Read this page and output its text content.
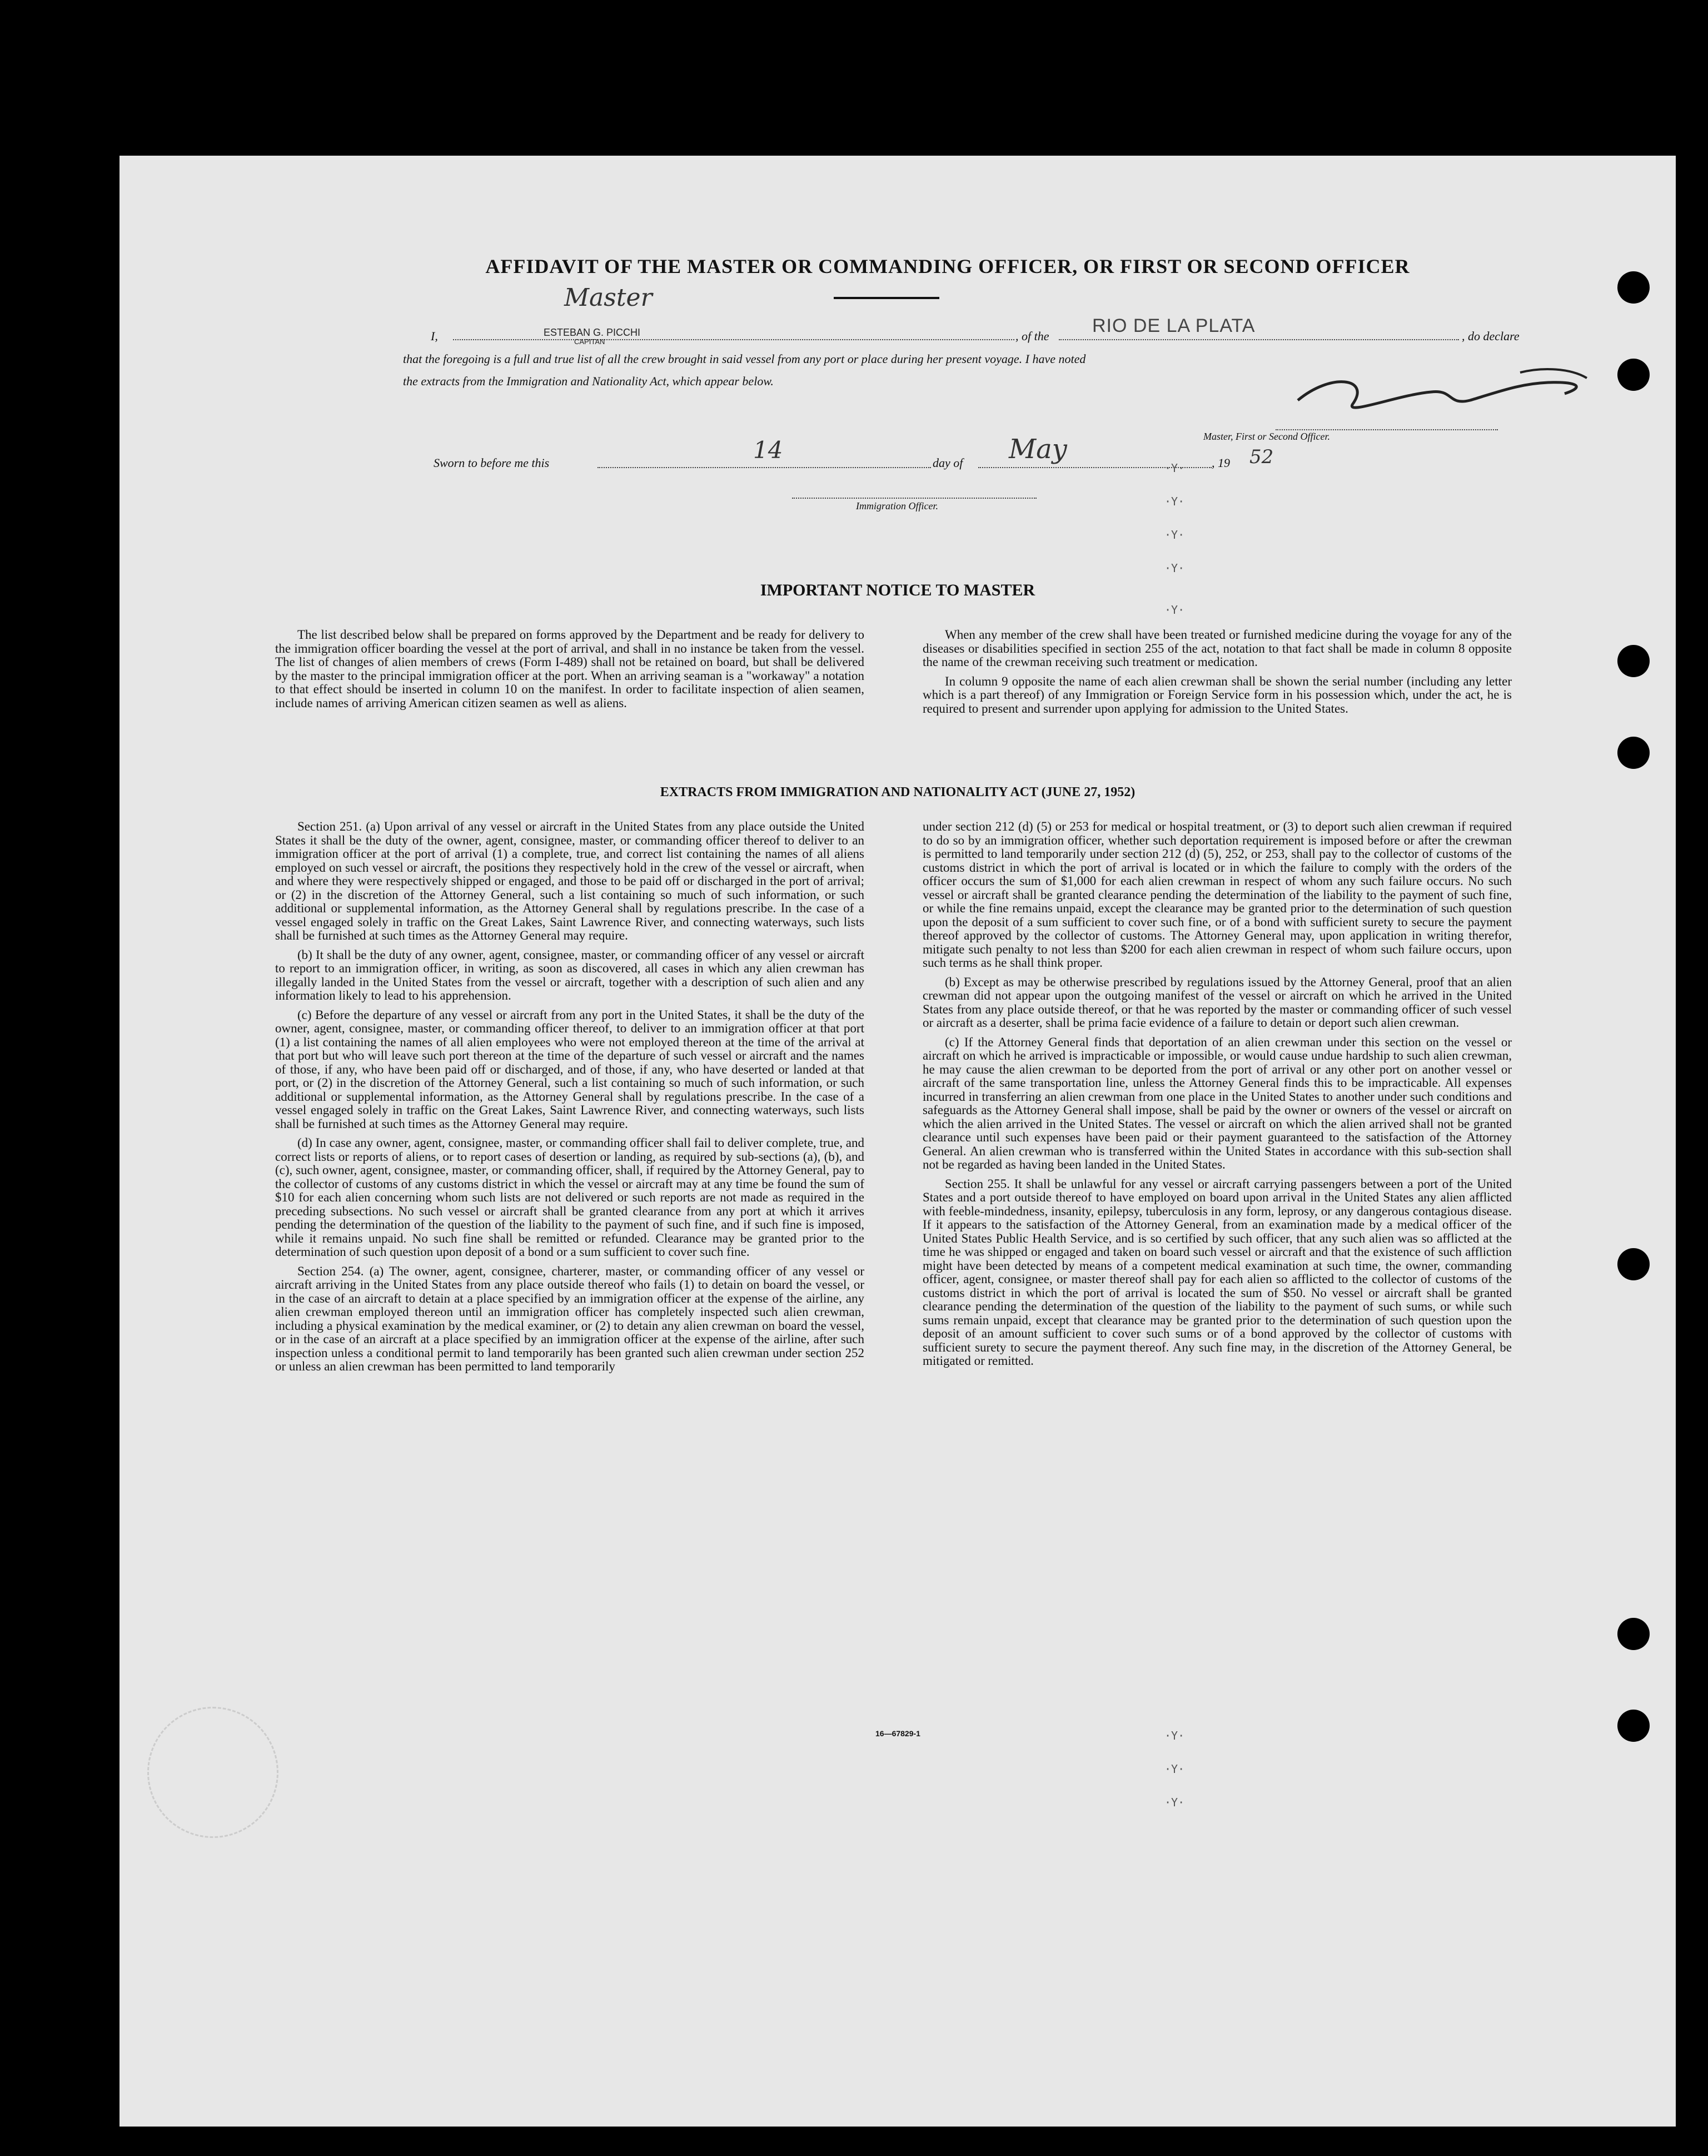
AFFIDAVIT OF THE MASTER OR COMMANDING OFFICER, OR FIRST OR SECOND OFFICER
I,
Master
ESTEBAN G. PICCHI
CAPITAN	, of the RIO DE LA PLATA	, do declare
that the foregoing is a full and true list of all the crew brought in said vessel from any port or place during her present voyage. I have noted
the extracts from the Immigration and Nationality Act, which appear below.
Master, First or Second Officer.
Sworn to before me this	14	day of May	, 19 52
Immigration Officer.
IMPORTANT NOTICE TO MASTER

The list described below shall be prepared on forms approved by the Department and be ready for delivery to the immigration officer boarding the vessel at the port of arrival, and shall in no instance be taken from the vessel. The list of changes of alien members of crews (Form I-489) shall not be retained on board, but shall be delivered by the master to the principal immigration officer at the port. When an arriving seaman is a "workaway" a notation to that effect should be inserted in column 10 on the manifest. In order to facilitate inspection of alien seamen, include names of arriving American citizen seamen as well as aliens.

When any member of the crew shall have been treated or furnished medicine during the voyage for any of the diseases or disabilities specified in section 255 of the act, notation to that fact shall be made in column 8 opposite the name of the crewman receiving such treatment or medication.

In column 9 opposite the name of each alien crewman shall be shown the serial number (including any letter which is a part thereof) of any Immigration or Foreign Service form in his possession which, under the act, he is required to present and surrender upon applying for admission to the United States.

EXTRACTS FROM IMMIGRATION AND NATIONALITY ACT (JUNE 27, 1952)

Section 251. (a) Upon arrival of any vessel or aircraft in the United States from any place outside the United States it shall be the duty of the owner, agent, consignee, master, or commanding officer thereof to deliver to an immigration officer at the port of arrival (1) a complete, true, and correct list containing the names of all aliens employed on such vessel or aircraft, the positions they respectively hold in the crew of the vessel or aircraft, when and where they were respectively shipped or engaged, and those to be paid off or discharged in the port of arrival; or (2) in the discretion of the Attorney General, such a list containing so much of such information, or such additional or supplemental information, as the Attorney General shall by regulations prescribe. In the case of a vessel engaged solely in traffic on the Great Lakes, Saint Lawrence River, and connecting waterways, such lists shall be furnished at such times as the Attorney General may require.

(b) It shall be the duty of any owner, agent, consignee, master, or commanding officer of any vessel or aircraft to report to an immigration officer, in writing, as soon as discovered, all cases in which any alien crewman has illegally landed in the United States from the vessel or aircraft, together with a description of such alien and any information likely to lead to his apprehension.

(c) Before the departure of any vessel or aircraft from any port in the United States, it shall be the duty of the owner, agent, consignee, master, or commanding officer thereof, to deliver to an immigration officer at that port (1) a list containing the names of all alien employees who were not employed thereon at the time of the arrival at that port but who will leave such port thereon at the time of the departure of such vessel or aircraft and the names of those, if any, who have been paid off or discharged, and of those, if any, who have deserted or landed at that port, or (2) in the discretion of the Attorney General, such a list containing so much of such information, or such additional or supplemental information, as the Attorney General shall by regulations prescribe. In the case of a vessel engaged solely in traffic on the Great Lakes, Saint Lawrence River, and connecting waterways, such lists shall be furnished at such times as the Attorney General may require.

(d) In case any owner, agent, consignee, master, or commanding officer shall fail to deliver complete, true, and correct lists or reports of aliens, or to report cases of desertion or landing, as required by sub-sections (a), (b), and (c), such owner, agent, consignee, master, or commanding officer, shall, if required by the Attorney General, pay to the collector of customs of any customs district in which the vessel or aircraft may at any time be found the sum of $10 for each alien concerning whom such lists are not delivered or such reports are not made as required in the preceding subsections. No such vessel or aircraft shall be granted clearance from any port at which it arrives pending the determination of the question of the liability to the payment of such fine, and if such fine is imposed, while it remains unpaid. No such fine shall be remitted or refunded. Clearance may be granted prior to the determination of such question upon deposit of a bond or a sum sufficient to cover such fine.

Section 254. (a) The owner, agent, consignee, charterer, master, or commanding officer of any vessel or aircraft arriving in the United States from any place outside thereof who fails (1) to detain on board the vessel, or in the case of an aircraft to detain at a place specified by an immigration officer at the expense of the airline, any alien crewman employed thereon until an immigration officer has completely inspected such alien crewman, including a physical examination by the medical examiner, or (2) to detain any alien crewman on board the vessel, or in the case of an aircraft at a place specified by an immigration officer at the expense of the airline, after such inspection unless a conditional permit to land temporarily has been granted such alien crewman under section 252 or unless an alien crewman has been permitted to land temporarily

under section 212 (d) (5) or 253 for medical or hospital treatment, or (3) to deport such alien crewman if required to do so by an immigration officer, whether such deportation requirement is imposed before or after the crewman is permitted to land temporarily under section 212 (d) (5), 252, or 253, shall pay to the collector of customs of the customs district in which the port of arrival is located or in which the failure to comply with the orders of the officer occurs the sum of $1,000 for each alien crewman in respect of whom any such failure occurs. No such vessel or aircraft shall be granted clearance pending the determination of the liability to the payment of such fine, or while the fine remains unpaid, except the clearance may be granted prior to the determination of such question upon the deposit of a sum sufficient to cover such fine, or of a bond with sufficient surety to secure the payment thereof approved by the collector of customs. The Attorney General may, upon application in writing therefor, mitigate such penalty to not less than $200 for each alien crewman in respect of whom such failure occurs, upon such terms as he shall think proper.

(b) Except as may be otherwise prescribed by regulations issued by the Attorney General, proof that an alien crewman did not appear upon the outgoing manifest of the vessel or aircraft on which he arrived in the United States from any place outside thereof, or that he was reported by the master or commanding officer of such vessel or aircraft as a deserter, shall be prima facie evidence of a failure to detain or deport such alien crewman.

(c) If the Attorney General finds that deportation of an alien crewman under this section on the vessel or aircraft on which he arrived is impracticable or impossible, or would cause undue hardship to such alien crewman, he may cause the alien crewman to be deported from the port of arrival or any other port on another vessel or aircraft of the same transportation line, unless the Attorney General finds this to be impracticable. All expenses incurred in transferring an alien crewman from one place in the United States to another under such conditions and safeguards as the Attorney General shall impose, shall be paid by the owner or owners of the vessel or aircraft on which the alien arrived in the United States. The vessel or aircraft on which the alien arrived shall not be granted clearance until such expenses have been paid or their payment guaranteed to the satisfaction of the Attorney General. An alien crewman who is transferred within the United States in accordance with this sub-section shall not be regarded as having been landed in the United States.

Section 255. It shall be unlawful for any vessel or aircraft carrying passengers between a port of the United States and a port outside thereof to have employed on board upon arrival in the United States any alien afflicted with feeble-mindedness, insanity, epilepsy, tuberculosis in any form, leprosy, or any dangerous contagious disease. If it appears to the satisfaction of the Attorney General, from an examination made by a medical officer of the United States Public Health Service, and is so certified by such officer, that any such alien was so afflicted at the time he was shipped or engaged and taken on board such vessel or aircraft and that the existence of such affliction might have been detected by means of a competent medical examination at such time, the owner, commanding officer, agent, consignee, or master thereof shall pay for each alien so afflicted to the collector of customs of the customs district in which the port of arrival is located the sum of $50. No vessel or aircraft shall be granted clearance pending the determination of the question of the liability to the payment of such sums, or while such sums remain unpaid, except that clearance may be granted prior to the determination of such question upon the deposit of an amount sufficient to cover such sums or of a bond approved by the collector of customs with sufficient surety to secure the payment thereof. Any such fine may, in the discretion of the Attorney General, be mitigated or remitted.

16—67829-1
·Y·
·Y·
·Y·
·Y·
·Y·
·Y·
·Y·
·Y·
